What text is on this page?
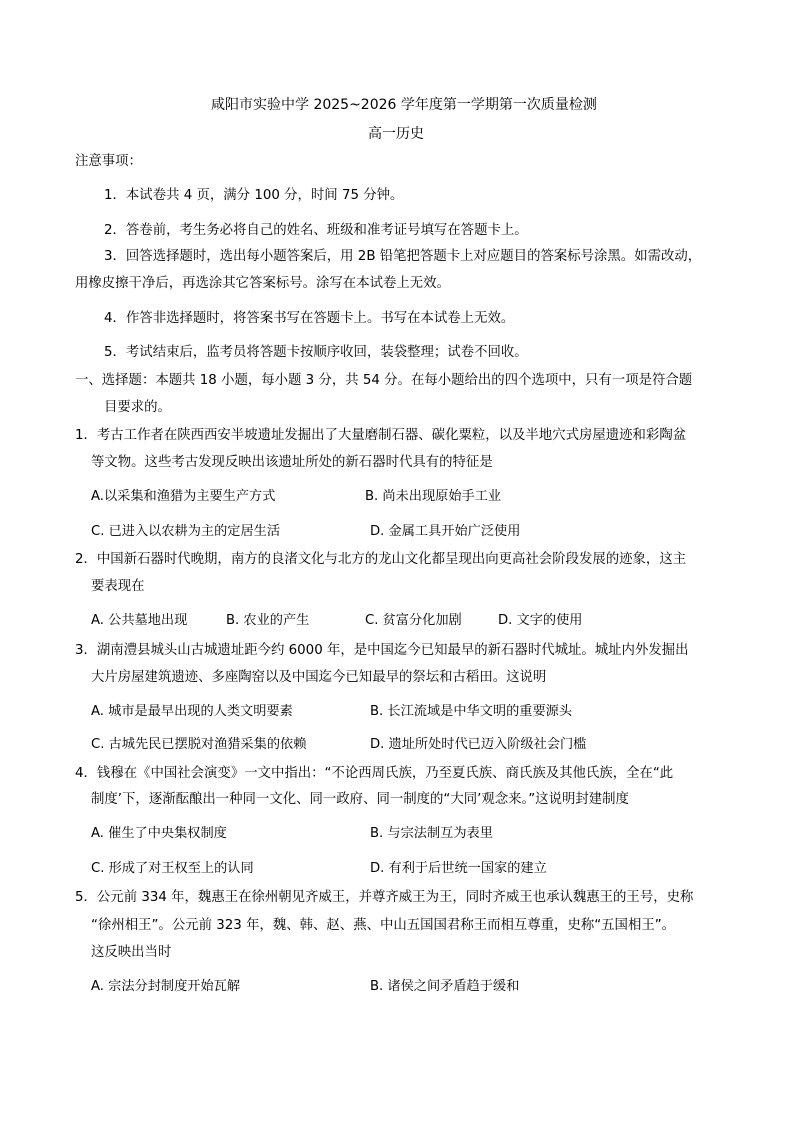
咸阳市实验中学 2025~2026 学年度第一学期第一次质量检测
高一历史
注意事项：
1．本试卷共 4 页，满分 100 分，时间 75 分钟。
2．答卷前，考生务必将自己的姓名、班级和准考证号填写在答题卡上。
3．回答选择题时，选出每小题答案后，用 2B 铅笔把答题卡上对应题目的答案标号涂黑。如需改动，
用橡皮擦干净后，再选涂其它答案标号。涂写在本试卷上无效。
4．作答非选择题时，将答案书写在答题卡上。书写在本试卷上无效。
5．考试结束后，监考员将答题卡按顺序收回，装袋整理；试卷不回收。
一、选择题：本题共 18 小题，每小题 3 分，共 54 分。在每小题给出的四个选项中，只有一项是符合题
目要求的。
1．考古工作者在陕西西安半坡遗址发掘出了大量磨制石器、碳化粟粒，以及半地穴式房屋遗迹和彩陶盆
等文物。这些考古发现反映出该遗址所处的新石器时代具有的特征是
A.以采集和渔猎为主要生产方式	B. 尚未出现原始手工业
C. 已进入以农耕为主的定居生活	D. 金属工具开始广泛使用
2．中国新石器时代晚期，南方的良渚文化与北方的龙山文化都呈现出向更高社会阶段发展的迹象，这主
要表现在
A. 公共墓地出现	B. 农业的产生	C. 贫富分化加剧	D. 文字的使用
3．湖南澧县城头山古城遗址距今约 6000 年，是中国迄今已知最早的新石器时代城址。城址内外发掘出
大片房屋建筑遗迹、多座陶窑以及中国迄今已知最早的祭坛和古稻田。这说明
A. 城市是最早出现的人类文明要素	B. 长江流域是中华文明的重要源头
C. 古城先民已摆脱对渔猎采集的依赖	D. 遗址所处时代已迈入阶级社会门槛
4．钱穆在《中国社会演变》一文中指出：“不论西周氏族，乃至夏氏族、商氏族及其他氏族，全在“此
制度’下，逐渐酝酿出一种同一文化、同一政府、同一制度的“大同’观念来。”这说明封建制度
A. 催生了中央集权制度	B. 与宗法制互为表里
C. 形成了对王权至上的认同	D. 有利于后世统一国家的建立
5．公元前 334 年，魏惠王在徐州朝见齐威王，并尊齐威王为王，同时齐威王也承认魏惠王的王号，史称
“徐州相王”。公元前 323 年，魏、韩、赵、燕、中山五国国君称王而相互尊重，史称“五国相王”。
这反映出当时
A. 宗法分封制度开始瓦解	B. 诸侯之间矛盾趋于缓和
